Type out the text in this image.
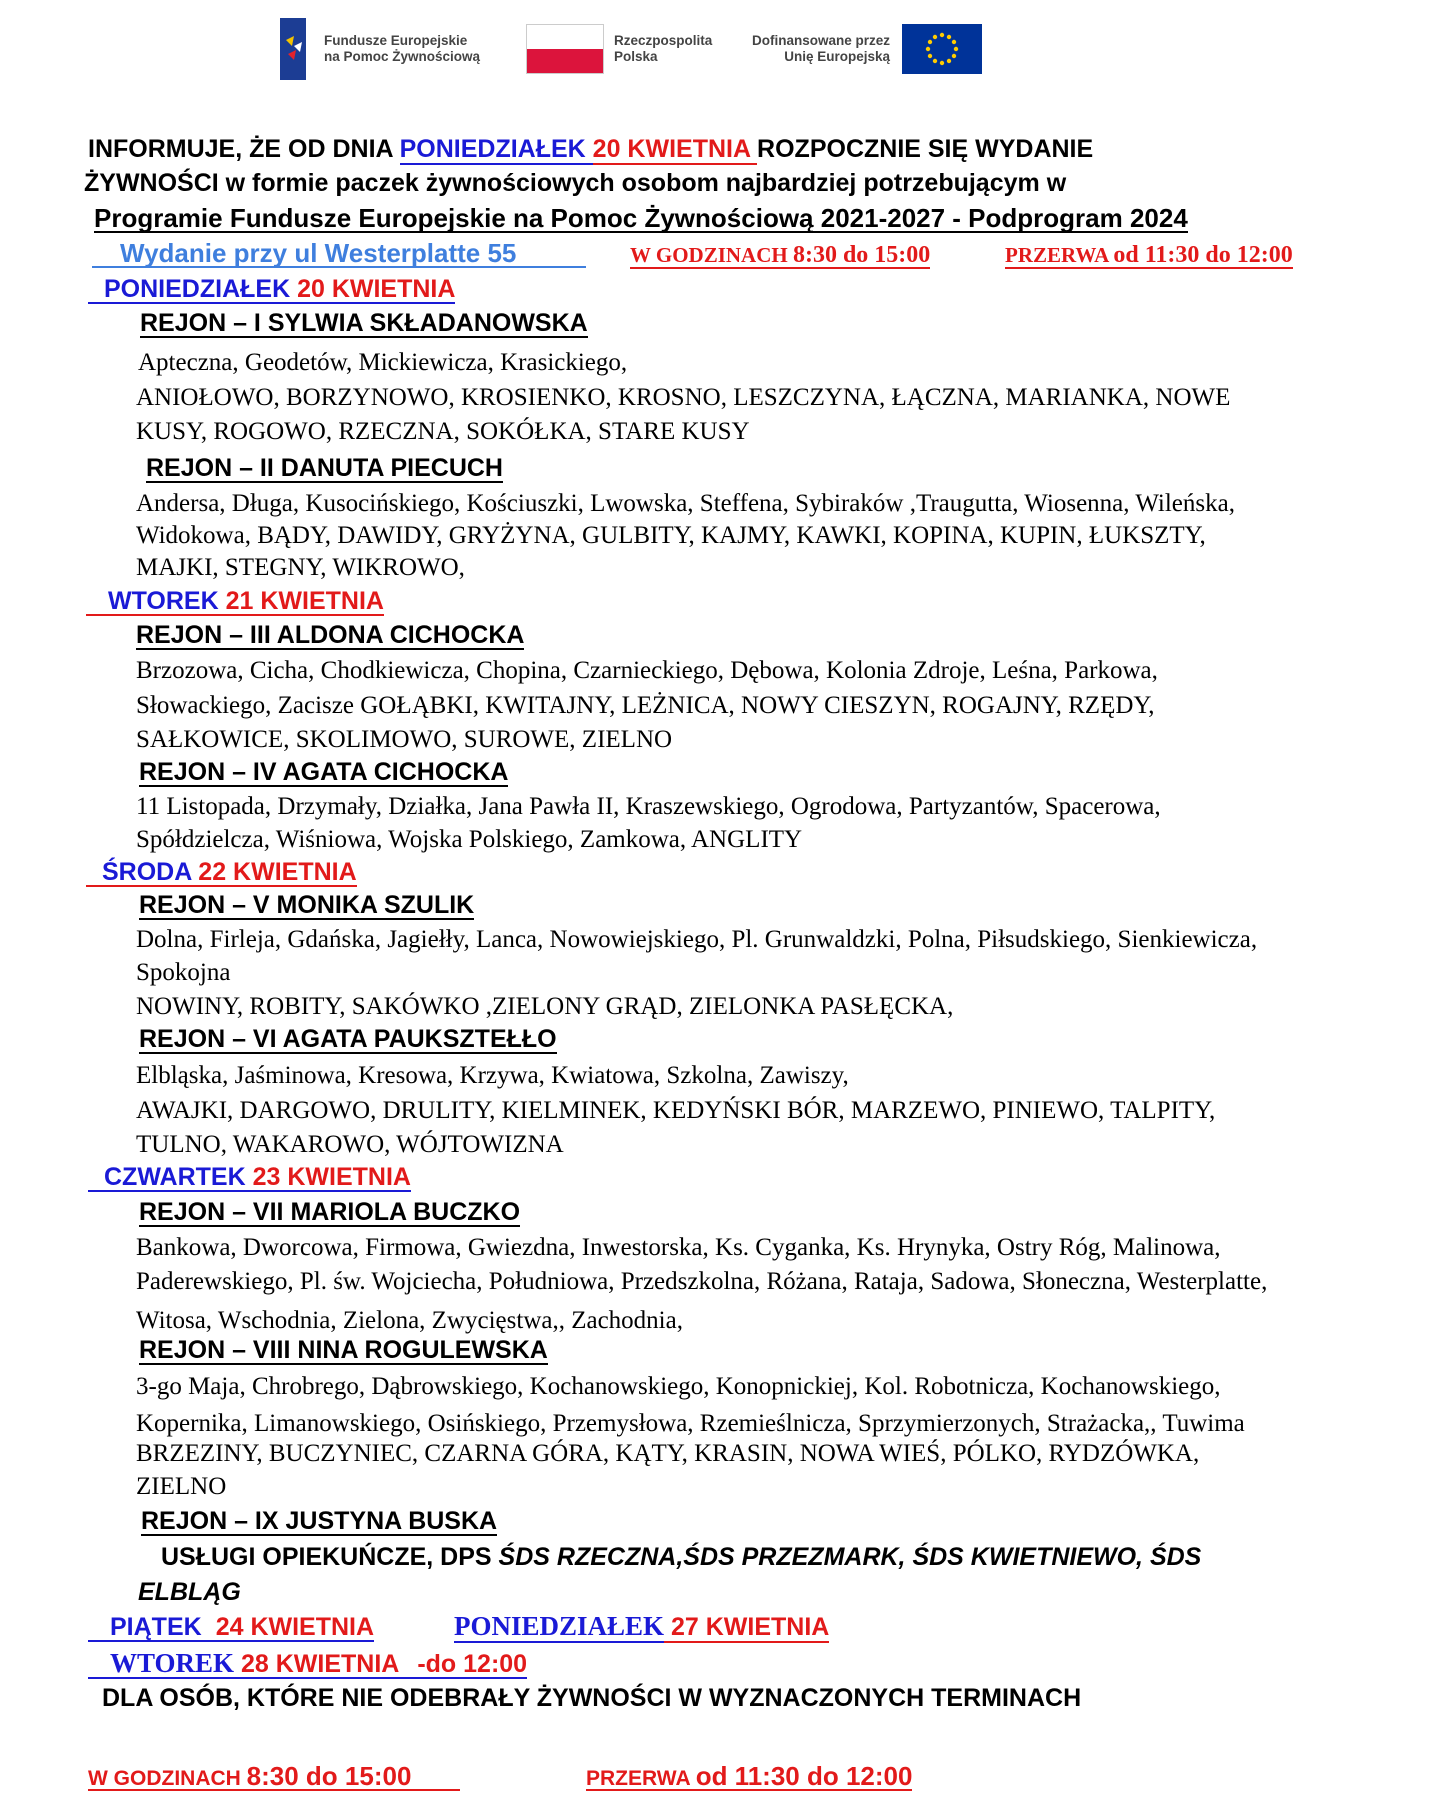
Fundusze Europejskie
na Pomoc Żywnościową
Rzeczpospolita
Polska
Dofinansowane przez
Unię Europejską
INFORMUJE, ŻE OD DNIA PONIEDZIAŁEK 20 KWIETNIA ROZPOCZNIE SIĘ WYDANIE
ŻYWNOŚCI w formie paczek żywnościowych osobom najbardziej potrzebującym w
Programie Fundusze Europejskie na Pomoc Żywnościową 2021-2027 - Podprogram 2024
Wydanie przy ul Westerplatte 55	W GODZINACH 8:30 do 15:00	PRZERWA od 11:30 do 12:00
PONIEDZIAŁEK 20 KWIETNIA
REJON – I SYLWIA SKŁADANOWSKA
Apteczna, Geodetów, Mickiewicza, Krasickiego,
ANIOŁOWO, BORZYNOWO, KROSIENKO, KROSNO, LESZCZYNA, ŁĄCZNA, MARIANKA, NOWE
KUSY, ROGOWO, RZECZNA, SOKÓŁKA, STARE KUSY
REJON – II DANUTA PIECUCH
Andersa, Długa, Kusocińskiego, Kościuszki, Lwowska, Steffena, Sybiraków ,Traugutta, Wiosenna, Wileńska,
Widokowa, BĄDY, DAWIDY, GRYŻYNA, GULBITY, KAJMY, KAWKI, KOPINA, KUPIN, ŁUKSZTY,
MAJKI, STEGNY, WIKROWO,
WTOREK 21 KWIETNIA
REJON – III ALDONA CICHOCKA
Brzozowa, Cicha, Chodkiewicza, Chopina, Czarnieckiego, Dębowa, Kolonia Zdroje, Leśna, Parkowa,
Słowackiego, Zacisze GOŁĄBKI, KWITAJNY, LEŻNICA, NOWY CIESZYN, ROGAJNY, RZĘDY,
SAŁKOWICE, SKOLIMOWO, SUROWE, ZIELNO
REJON – IV AGATA CICHOCKA
11 Listopada, Drzymały, Działka, Jana Pawła II, Kraszewskiego, Ogrodowa, Partyzantów, Spacerowa,
Spółdzielcza, Wiśniowa, Wojska Polskiego, Zamkowa, ANGLITY
ŚRODA 22 KWIETNIA
REJON – V MONIKA SZULIK
Dolna, Firleja, Gdańska, Jagiełły, Lanca, Nowowiejskiego, Pl. Grunwaldzki, Polna, Piłsudskiego, Sienkiewicza,
Spokojna
NOWINY, ROBITY, SAKÓWKO ,ZIELONY GRĄD, ZIELONKA PASŁĘCKA,
REJON – VI AGATA PAUKSZTEŁŁO
Elbląska, Jaśminowa, Kresowa, Krzywa, Kwiatowa, Szkolna, Zawiszy,
AWAJKI, DARGOWO, DRULITY, KIELMINEK, KEDYŃSKI BÓR, MARZEWO, PINIEWO, TALPITY,
TULNO, WAKAROWO, WÓJTOWIZNA
CZWARTEK 23 KWIETNIA
REJON – VII MARIOLA BUCZKO
Bankowa, Dworcowa, Firmowa, Gwiezdna, Inwestorska, Ks. Cyganka, Ks. Hrynyka, Ostry Róg, Malinowa,
Paderewskiego, Pl. św. Wojciecha, Południowa, Przedszkolna, Różana, Rataja, Sadowa, Słoneczna, Westerplatte,
Witosa, Wschodnia, Zielona, Zwycięstwa,, Zachodnia,
REJON – VIII NINA ROGULEWSKA
3-go Maja, Chrobrego, Dąbrowskiego, Kochanowskiego, Konopnickiej, Kol. Robotnicza, Kochanowskiego,
Kopernika, Limanowskiego, Osińskiego, Przemysłowa, Rzemieślnicza, Sprzymierzonych, Strażacka,, Tuwima
BRZEZINY, BUCZYNIEC, CZARNA GÓRA, KĄTY, KRASIN, NOWA WIEŚ, PÓLKO, RYDZÓWKA,
ZIELNO
REJON – IX JUSTYNA BUSKA
USŁUGI OPIEKUŃCZE, DPS ŚDS RZECZNA,ŚDS PRZEZMARK, ŚDS KWIETNIEWO, ŚDS
ELBLĄG
PIĄTEK 24 KWIETNIA	PONIEDZIAŁEK 27 KWIETNIA
WTOREK 28 KWIETNIA -do 12:00
DLA OSÓB, KTÓRE NIE ODEBRAŁY ŻYWNOŚCI W WYZNACZONYCH TERMINACH
W GODZINACH 8:30 do 15:00	PRZERWA od 11:30 do 12:00
